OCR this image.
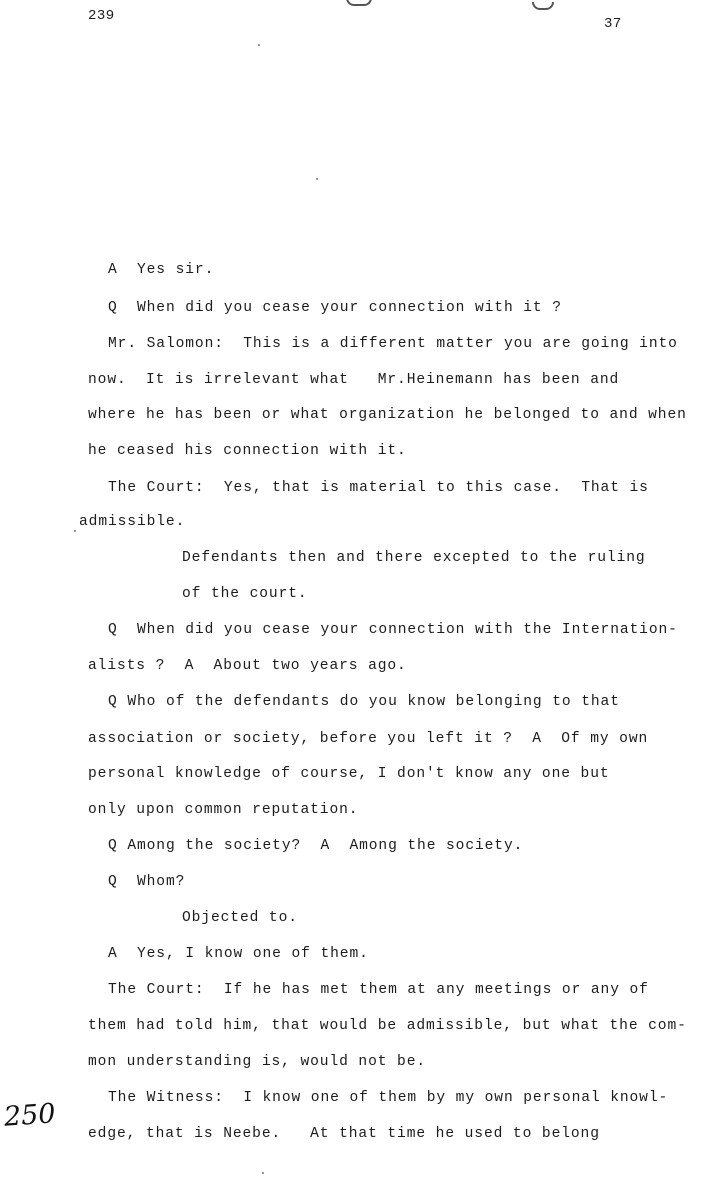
239	37
A  Yes sir.
Q  When did you cease your connection with it ?
Mr. Salomon:  This is a different matter you are going into
now.  It is irrelevant what   Mr.Heinemann has been and
where he has been or what organization he belonged to and when
he ceased his connection with it.
The Court:  Yes, that is material to this case.  That is
admissible.
Defendants then and there excepted to the ruling
of the court.
Q  When did you cease your connection with the Internation-
alists ?  A  About two years ago.
Q Who of the defendants do you know belonging to that
association or society, before you left it ?  A  Of my own
personal knowledge of course, I don't know any one but
only upon common reputation.
Q Among the society?  A  Among the society.
Q  Whom?
Objected to.
A  Yes, I know one of them.
The Court:  If he has met them at any meetings or any of
them had told him, that would be admissible, but what the com-
mon understanding is, would not be.
The Witness:  I know one of them by my own personal knowl-
edge, that is Neebe.   At that time he used to belong
250
